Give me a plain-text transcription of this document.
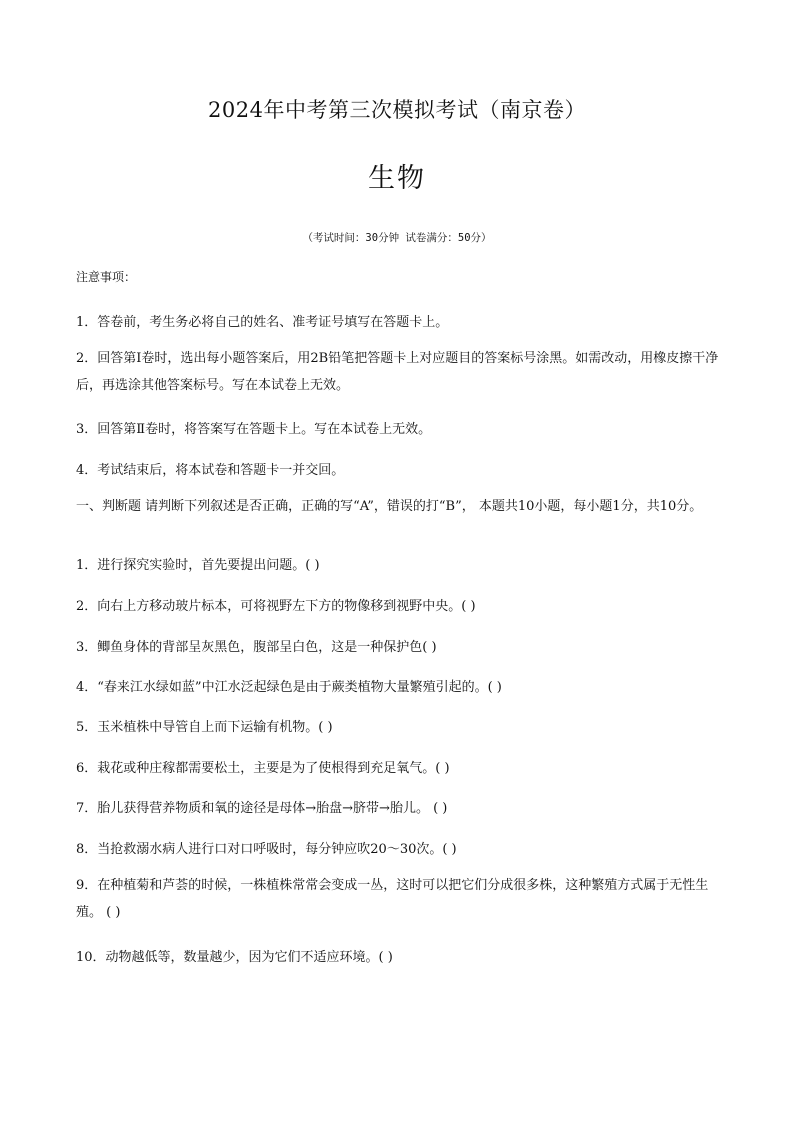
2024年中考第三次模拟考试（南京卷）
生物
（考试时间：30分钟 试卷满分：50分）
注意事项：
1．答卷前，考生务必将自己的姓名、准考证号填写在答题卡上。
2．回答第Ⅰ卷时，选出每小题答案后，用2B铅笔把答题卡上对应题目的答案标号涂黑。如需改动，用橡皮擦干净后，再选涂其他答案标号。写在本试卷上无效。
3．回答第Ⅱ卷时，将答案写在答题卡上。写在本试卷上无效。
4．考试结束后，将本试卷和答题卡一并交回。
一、判断题 请判断下列叙述是否正确，正确的写“A”，错误的打“B”， 本题共10小题，每小题1分，共10分。
1．进行探究实验时，首先要提出问题。( )
2．向右上方移动玻片标本，可将视野左下方的物像移到视野中央。( )
3．鲫鱼身体的背部呈灰黑色，腹部呈白色，这是一种保护色( )
4．“春来江水绿如蓝”中江水泛起绿色是由于蕨类植物大量繁殖引起的。( )
5．玉米植株中导管自上而下运输有机物。( )
6．栽花或种庄稼都需要松土，主要是为了使根得到充足氧气。( )
7．胎儿获得营养物质和氧的途径是母体→胎盘→脐带→胎儿。 ( )
8．当抢救溺水病人进行口对口呼吸时，每分钟应吹20～30次。( )
9．在种植菊和芦荟的时候，一株植株常常会变成一丛，这时可以把它们分成很多株，这种繁殖方式属于无性生殖。 ( )
10．动物越低等，数量越少，因为它们不适应环境。( )
